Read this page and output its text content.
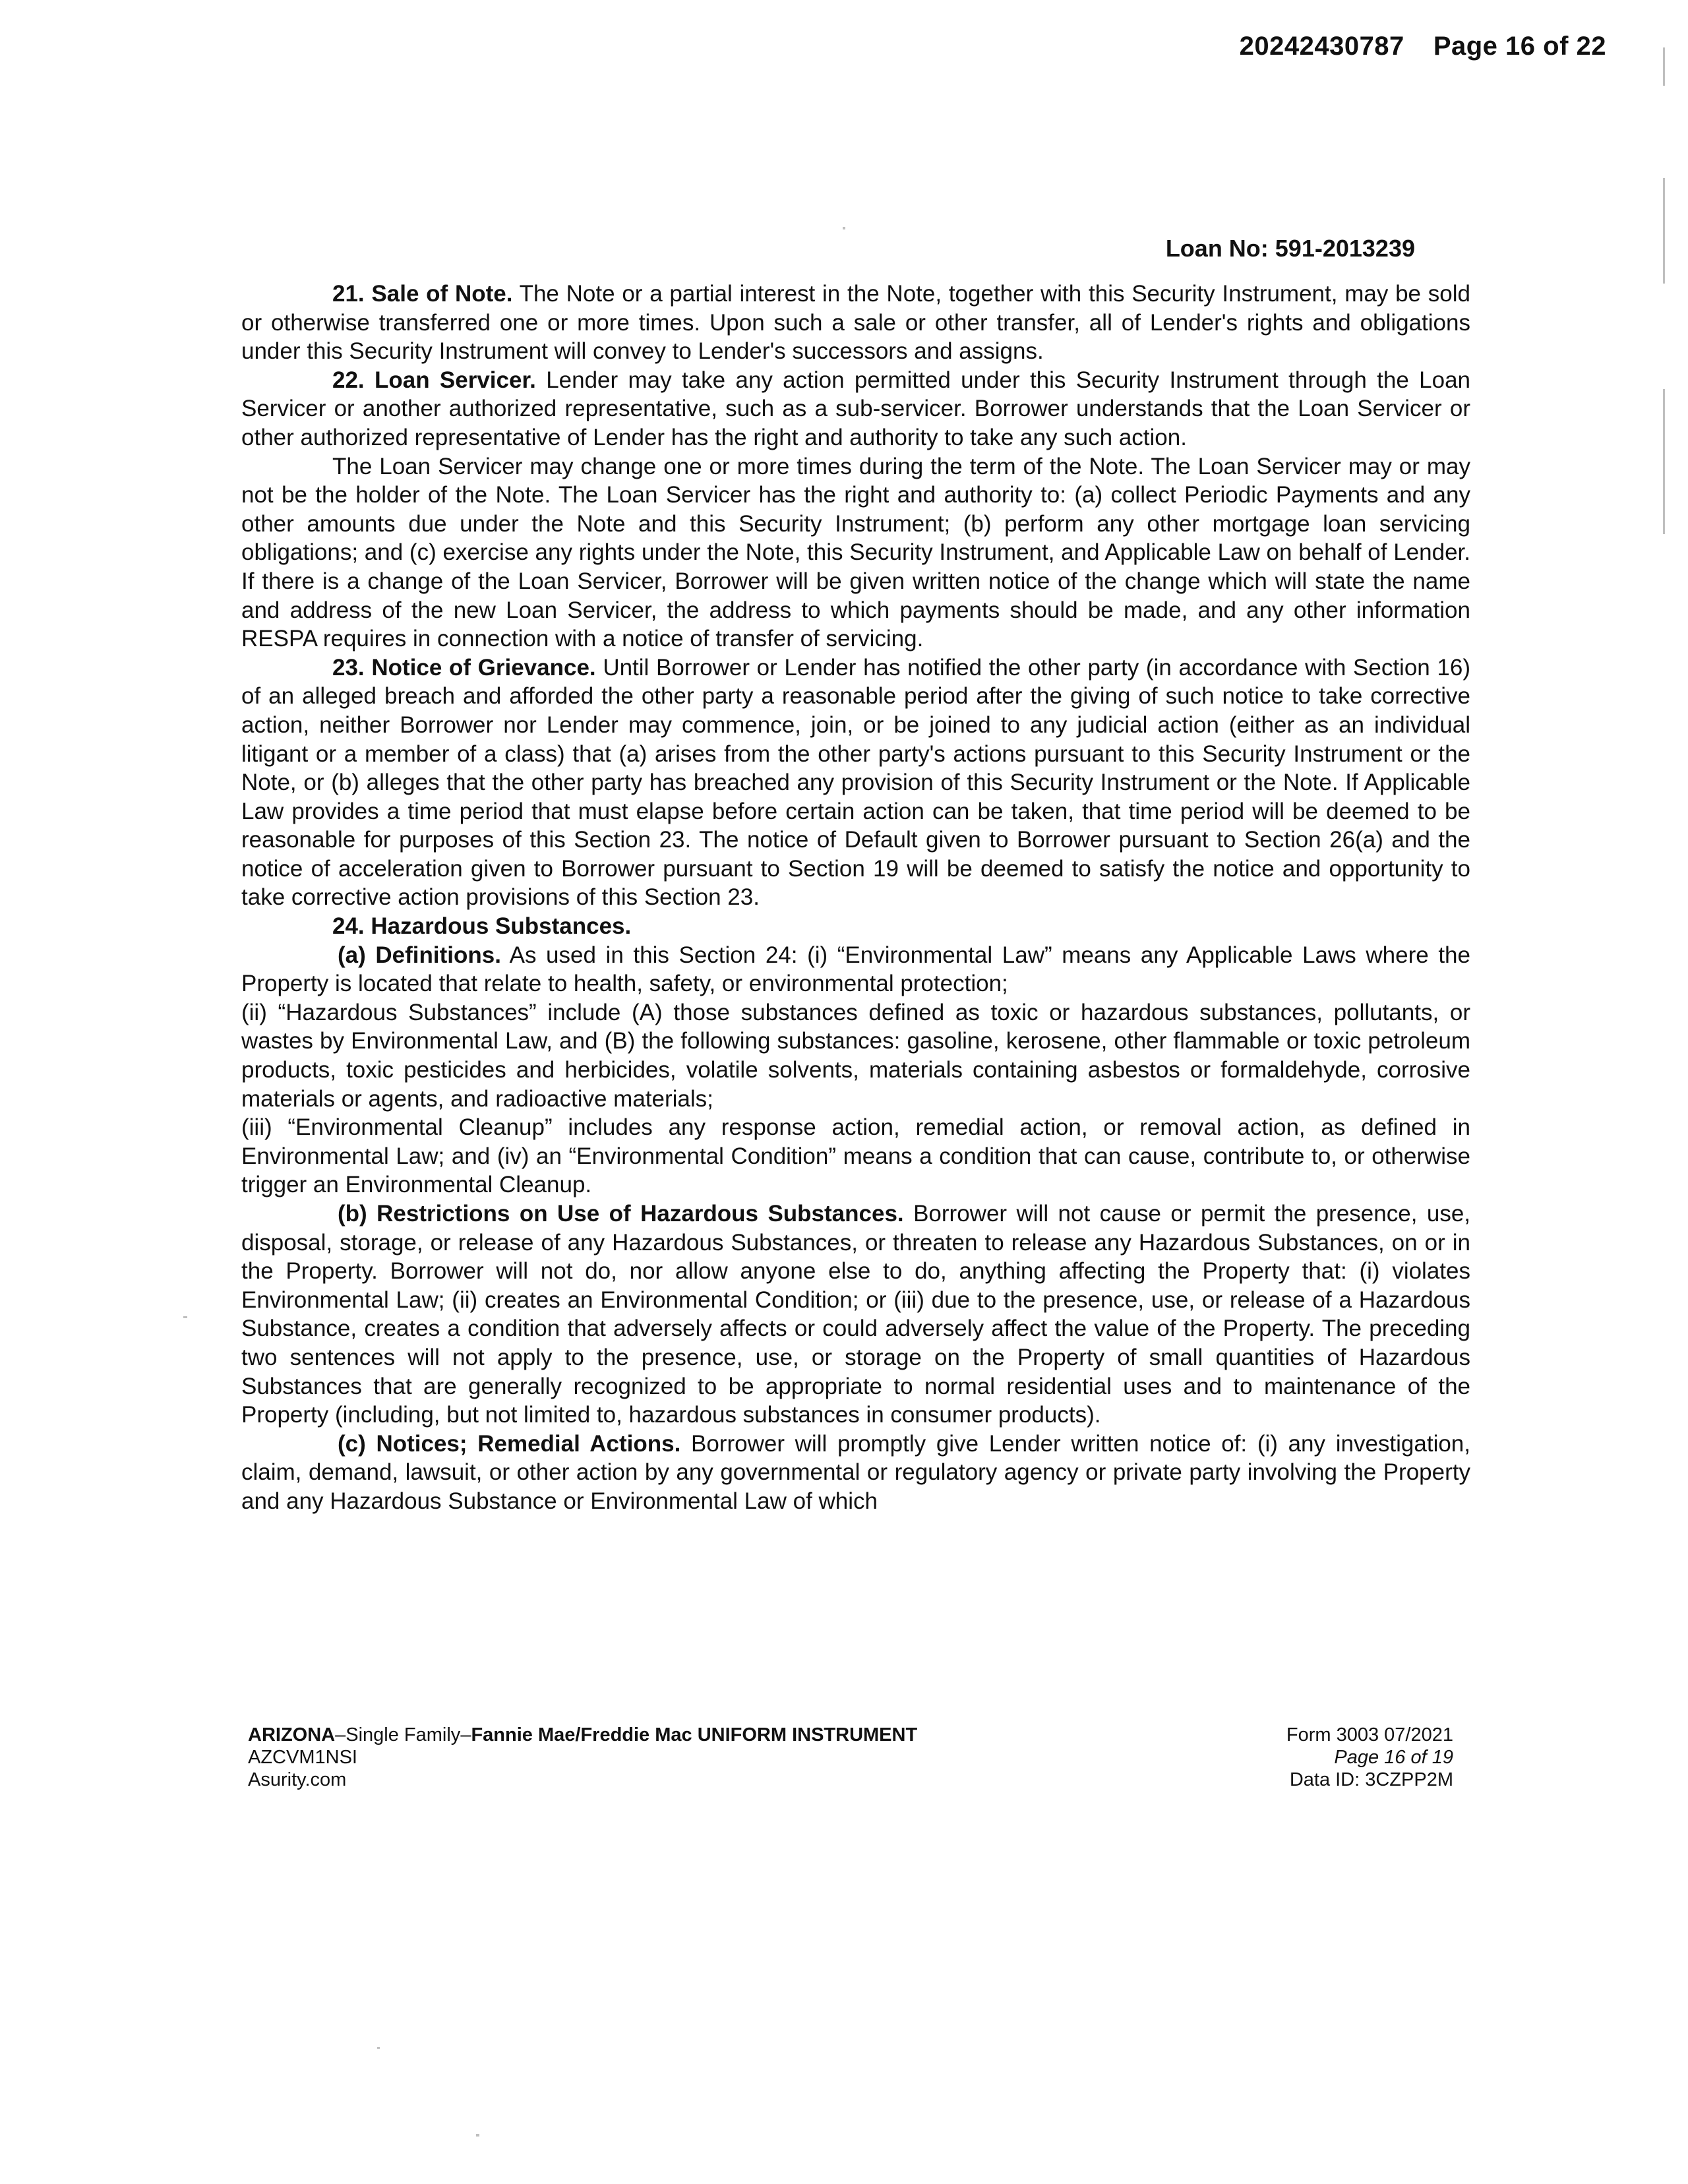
20242430787 Page 16 of 22
Loan No: 591-2013239

21. Sale of Note. The Note or a partial interest in the Note, together with this Security Instrument, may be sold or otherwise transferred one or more times. Upon such a sale or other transfer, all of Lender's rights and obligations under this Security Instrument will convey to Lender's successors and assigns.

22. Loan Servicer. Lender may take any action permitted under this Security Instrument through the Loan Servicer or another authorized representative, such as a sub-servicer. Borrower understands that the Loan Servicer or other authorized representative of Lender has the right and authority to take any such action.

The Loan Servicer may change one or more times during the term of the Note. The Loan Servicer may or may not be the holder of the Note. The Loan Servicer has the right and authority to: (a) collect Periodic Payments and any other amounts due under the Note and this Security Instrument; (b) perform any other mortgage loan servicing obligations; and (c) exercise any rights under the Note, this Security Instrument, and Applicable Law on behalf of Lender. If there is a change of the Loan Servicer, Borrower will be given written notice of the change which will state the name and address of the new Loan Servicer, the address to which payments should be made, and any other information RESPA requires in connection with a notice of transfer of servicing.

23. Notice of Grievance. Until Borrower or Lender has notified the other party (in accordance with Section 16) of an alleged breach and afforded the other party a reasonable period after the giving of such notice to take corrective action, neither Borrower nor Lender may commence, join, or be joined to any judicial action (either as an individual litigant or a member of a class) that (a) arises from the other party's actions pursuant to this Security Instrument or the Note, or (b) alleges that the other party has breached any provision of this Security Instrument or the Note. If Applicable Law provides a time period that must elapse before certain action can be taken, that time period will be deemed to be reasonable for purposes of this Section 23. The notice of Default given to Borrower pursuant to Section 26(a) and the notice of acceleration given to Borrower pursuant to Section 19 will be deemed to satisfy the notice and opportunity to take corrective action provisions of this Section 23.

24. Hazardous Substances.

(a) Definitions. As used in this Section 24: (i) “Environmental Law” means any Applicable Laws where the Property is located that relate to health, safety, or environmental protection;

(ii) “Hazardous Substances” include (A) those substances defined as toxic or hazardous substances, pollutants, or wastes by Environmental Law, and (B) the following substances: gasoline, kerosene, other flammable or toxic petroleum products, toxic pesticides and herbicides, volatile solvents, materials containing asbestos or formaldehyde, corrosive materials or agents, and radioactive materials;

(iii) “Environmental Cleanup” includes any response action, remedial action, or removal action, as defined in Environmental Law; and (iv) an “Environmental Condition” means a condition that can cause, contribute to, or otherwise trigger an Environmental Cleanup.

(b) Restrictions on Use of Hazardous Substances. Borrower will not cause or permit the presence, use, disposal, storage, or release of any Hazardous Substances, or threaten to release any Hazardous Substances, on or in the Property. Borrower will not do, nor allow anyone else to do, anything affecting the Property that: (i) violates Environmental Law; (ii) creates an Environmental Condition; or (iii) due to the presence, use, or release of a Hazardous Substance, creates a condition that adversely affects or could adversely affect the value of the Property. The preceding two sentences will not apply to the presence, use, or storage on the Property of small quantities of Hazardous Substances that are generally recognized to be appropriate to normal residential uses and to maintenance of the Property (including, but not limited to, hazardous substances in consumer products).

(c) Notices; Remedial Actions. Borrower will promptly give Lender written notice of: (i) any investigation, claim, demand, lawsuit, or other action by any governmental or regulatory agency or private party involving the Property and any Hazardous Substance or Environmental Law of which

ARIZONA–Single Family–Fannie Mae/Freddie Mac UNIFORM INSTRUMENT
AZCVM1NSI
Asurity.com
Form 3003 07/2021
Page 16 of 19
Data ID: 3CZPP2M
